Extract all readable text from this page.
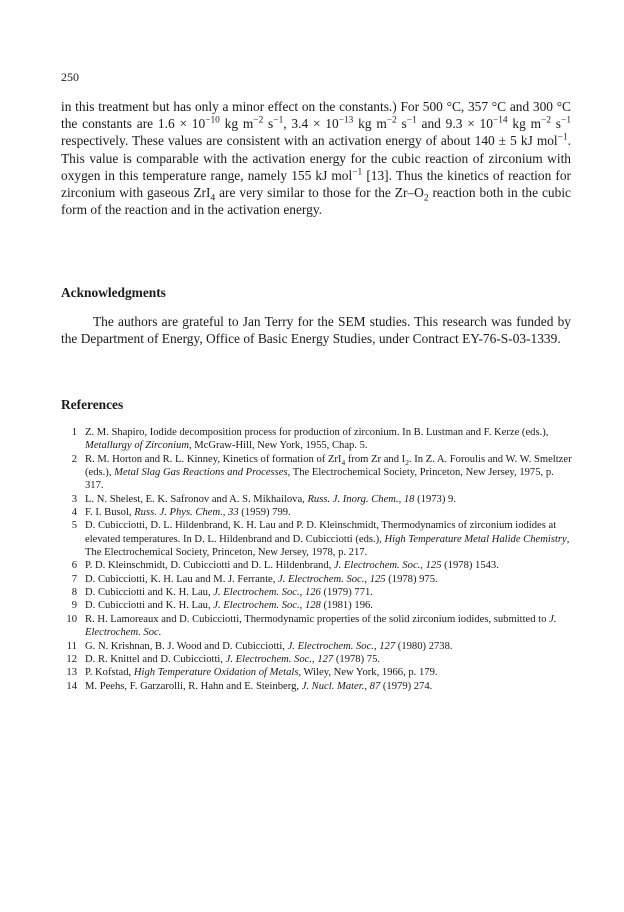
250

in this treatment but has only a minor effect on the constants.) For 500 °C, 357 °C and 300 °C the constants are $1.6 \times 10^{-10}$ kg $m^{-2}$ $s^{-1}$, $3.4 \times 10^{-13}$ kg $m^{-2}$ $s^{-1}$ and $9.3 \times 10^{-14}$ kg $m^{-2}$ $s^{-1}$ respectively. These values are consistent with an activation energy of about 140 ± 5 kJ mol$^{-1}$. This value is comparable with the activation energy for the cubic reaction of zirconium with oxygen in this temperature range, namely 155 kJ mol$^{-1}$ [13]. Thus the kinetics of reaction for zirconium with gaseous ZrI$_4$ are very similar to those for the $Zr-O_2$ reaction both in the cubic form of the reaction and in the activation energy.

Acknowledgments

The authors are grateful to Jan Terry for the SEM studies. This research was funded by the Department of Energy, Office of Basic Energy Studies, under Contract EY-76-S-03-1339.

References
1 Z. M. Shapiro, Iodide decomposition process for production of zirconium. In B. Lustman and F. Kerze (eds.), Metallurgy of Zirconium, McGraw-Hill, New York, 1955, Chap. 5.
2 R. M. Horton and R. L. Kinney, Kinetics of formation of ZrI$_4$ from Zr and $I_2$. In Z. A. Foroulis and W. W. Smeltzer (eds.), Metal Slag Gas Reactions and Processes, The Electrochemical Society, Princeton, New Jersey, 1975, p. 317.
3 L. N. Shelest, E. K. Safronov and A. S. Mikhailova, Russ. J. Inorg. Chem., 18 (1973) 9.
4 F. I. Busol, Russ. J. Phys. Chem., 33 (1959) 799.
5 D. Cubicciotti, D. L. Hildenbrand, K. H. Lau and P. D. Kleinschmidt, Thermodynamics of zirconium iodides at elevated temperatures. In D. L. Hildenbrand and D. Cubicciotti (eds.), High Temperature Metal Halide Chemistry, The Electrochemical Society, Princeton, New Jersey, 1978, p. 217.
6 P. D. Kleinschmidt, D. Cubicciotti and D. L. Hildenbrand, J. Electrochem. Soc., 125 (1978) 1543.
7 D. Cubicciotti, K. H. Lau and M. J. Ferrante, J. Electrochem. Soc., 125 (1978) 975.
8 D. Cubicciotti and K. H. Lau, J. Electrochem. Soc., 126 (1979) 771.
9 D. Cubicciotti and K. H. Lau, J. Electrochem. Soc., 128 (1981) 196.
10 R. H. Lamoreaux and D. Cubicciotti, Thermodynamic properties of the solid zirconium iodides, submitted to J. Electrochem. Soc.
11 G. N. Krishnan, B. J. Wood and D. Cubicciotti, J. Electrochem. Soc., 127 (1980) 2738.
12 D. R. Knittel and D. Cubicciotti, J. Electrochem. Soc., 127 (1978) 75.
13 P. Kofstad, High Temperature Oxidation of Metals, Wiley, New York, 1966, p. 179.
14 M. Peehs, F. Garzarolli, R. Hahn and E. Steinberg, J. Nucl. Mater., 87 (1979) 274.
